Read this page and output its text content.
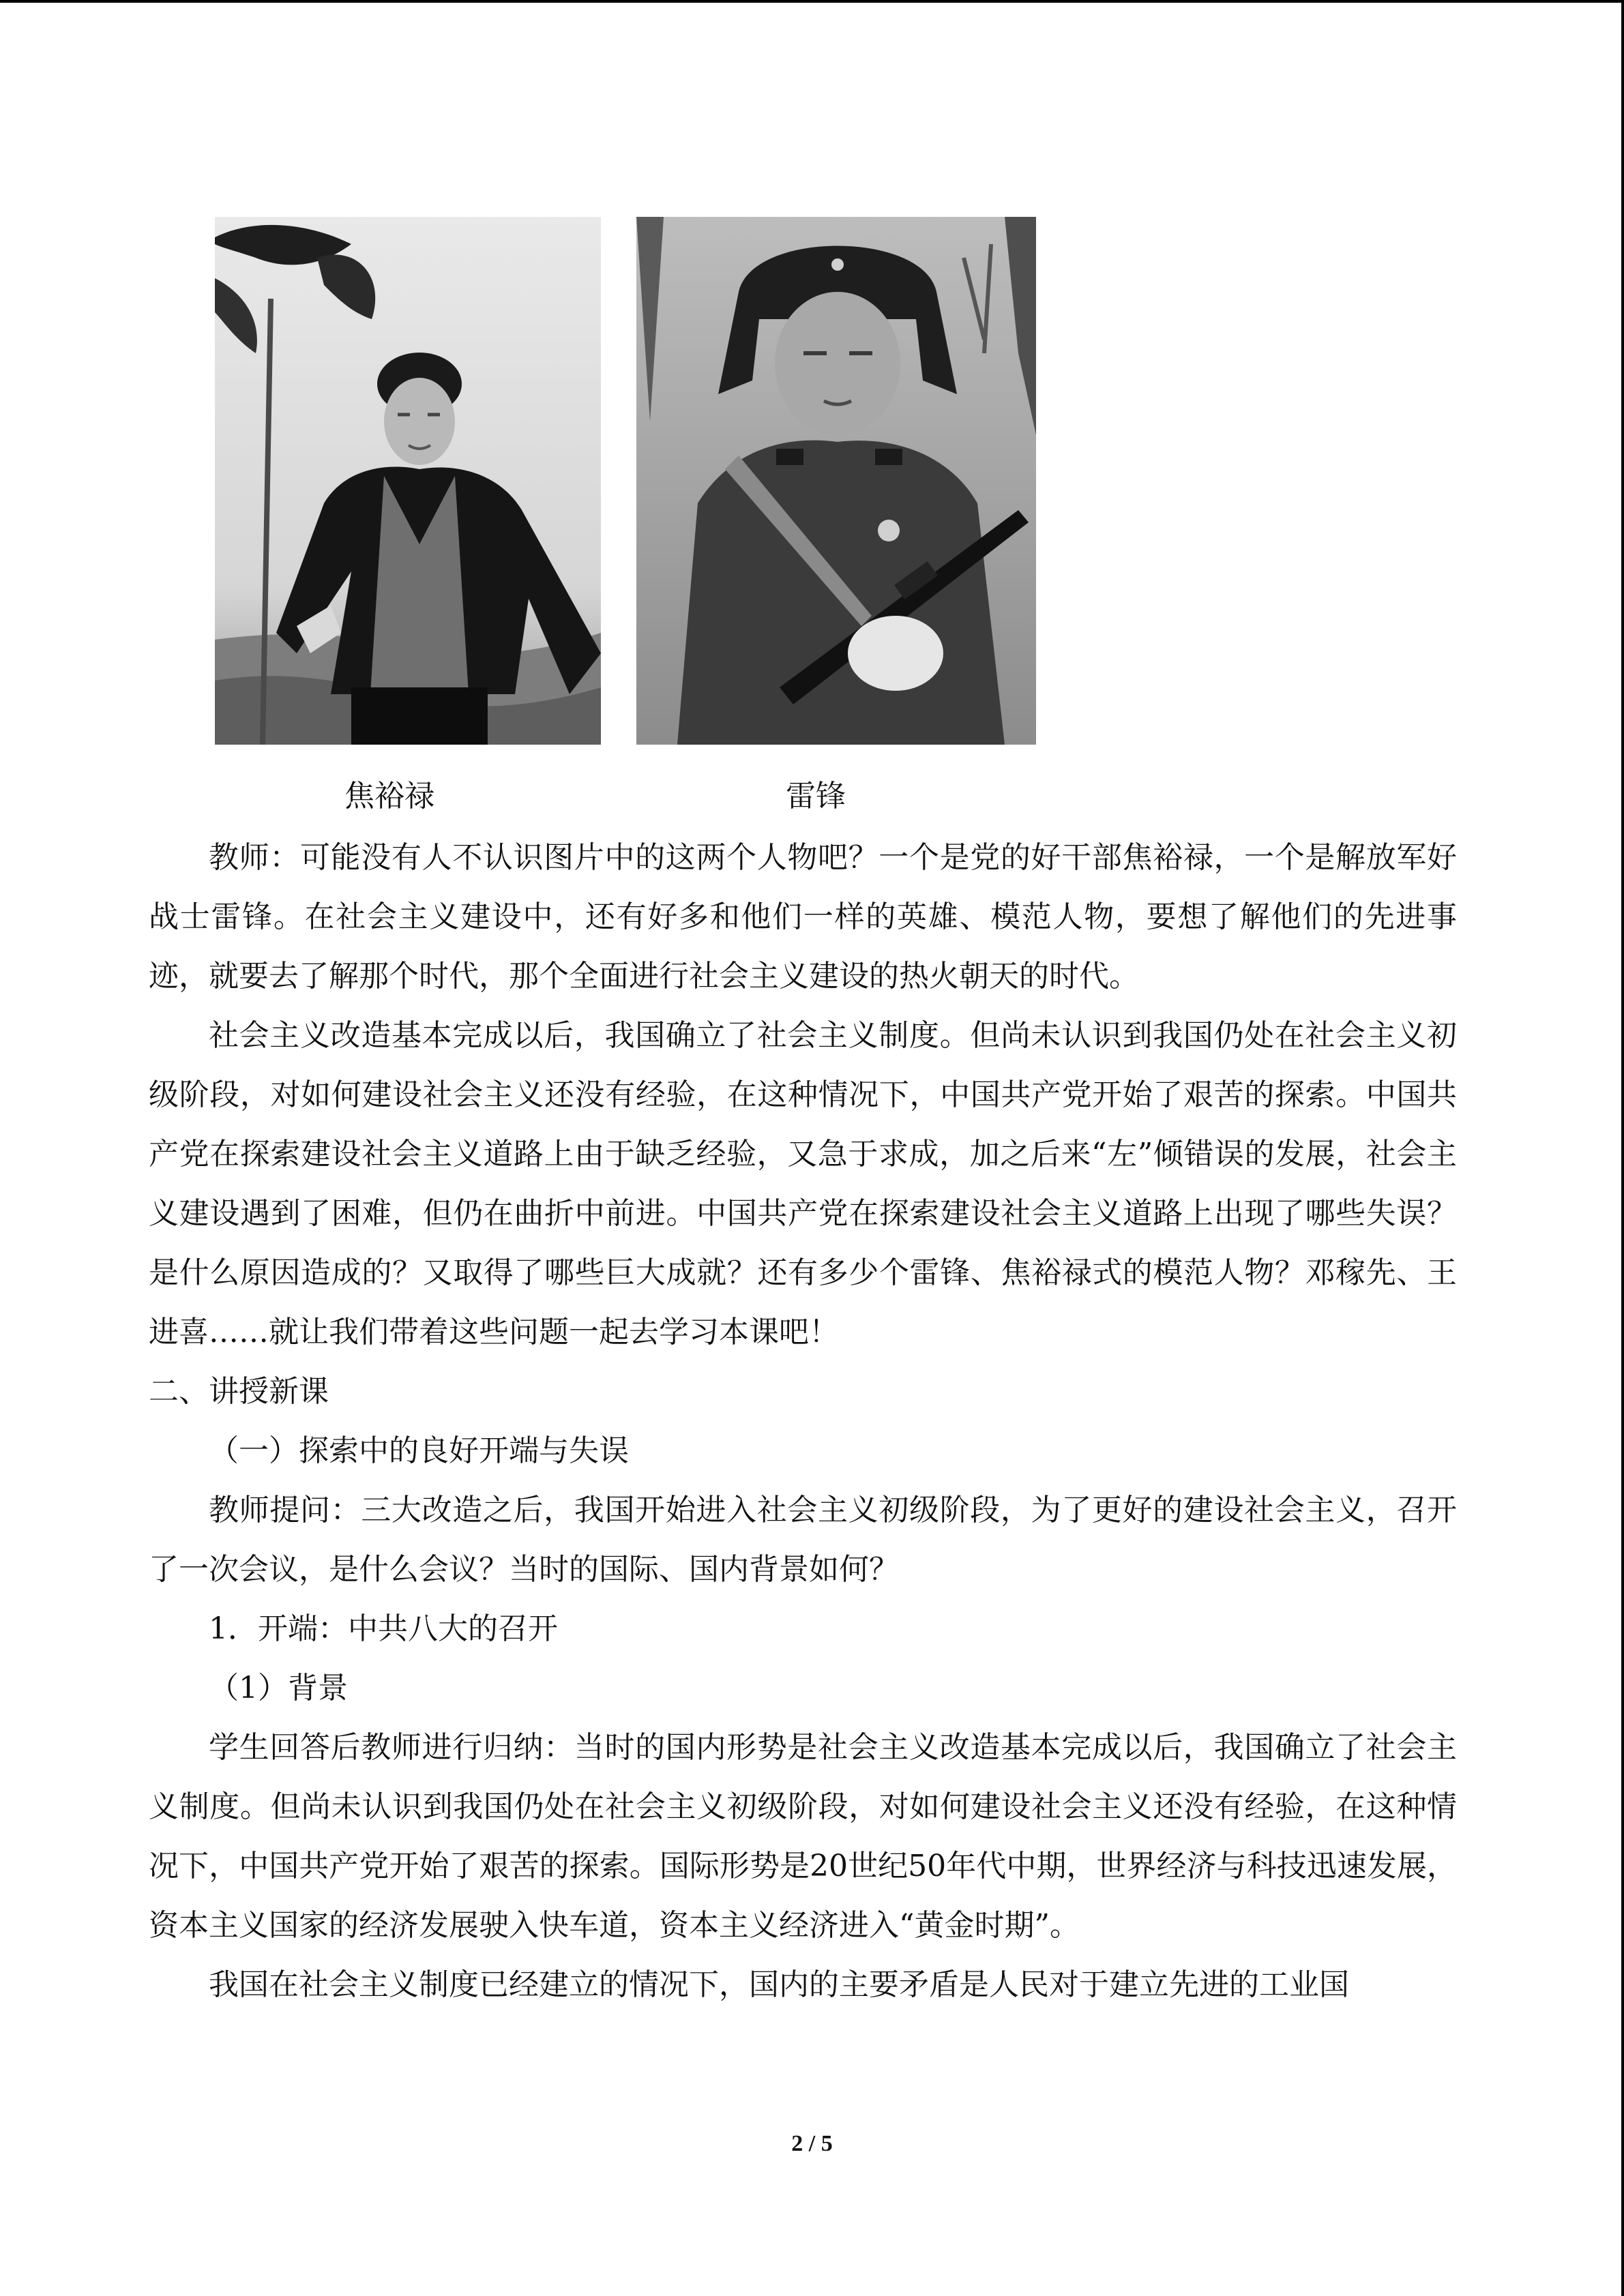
焦裕禄	雷锋

教师：可能没有人不认识图片中的这两个人物吧？一个是党的好干部焦裕禄，一个是解放军好战士雷锋。在社会主义建设中，还有好多和他们一样的英雄、模范人物，要想了解他们的先进事迹，就要去了解那个时代，那个全面进行社会主义建设的热火朝天的时代。

社会主义改造基本完成以后，我国确立了社会主义制度。但尚未认识到我国仍处在社会主义初级阶段，对如何建设社会主义还没有经验，在这种情况下，中国共产党开始了艰苦的探索。中国共产党在探索建设社会主义道路上由于缺乏经验，又急于求成，加之后来“左”倾错误的发展，社会主义建设遇到了困难，但仍在曲折中前进。中国共产党在探索建设社会主义道路上出现了哪些失误？是什么原因造成的？又取得了哪些巨大成就？还有多少个雷锋、焦裕禄式的模范人物？邓稼先、王进喜……就让我们带着这些问题一起去学习本课吧！

二、讲授新课

（一）探索中的良好开端与失误

教师提问：三大改造之后，我国开始进入社会主义初级阶段，为了更好的建设社会主义，召开了一次会议，是什么会议？当时的国际、国内背景如何？

1．开端：中共八大的召开

（1）背景

学生回答后教师进行归纳：当时的国内形势是社会主义改造基本完成以后，我国确立了社会主义制度。但尚未认识到我国仍处在社会主义初级阶段，对如何建设社会主义还没有经验，在这种情况下，中国共产党开始了艰苦的探索。国际形势是20世纪50年代中期，世界经济与科技迅速发展，资本主义国家的经济发展驶入快车道，资本主义经济进入“黄金时期”。

我国在社会主义制度已经建立的情况下，国内的主要矛盾是人民对于建立先进的工业国

2 / 5
